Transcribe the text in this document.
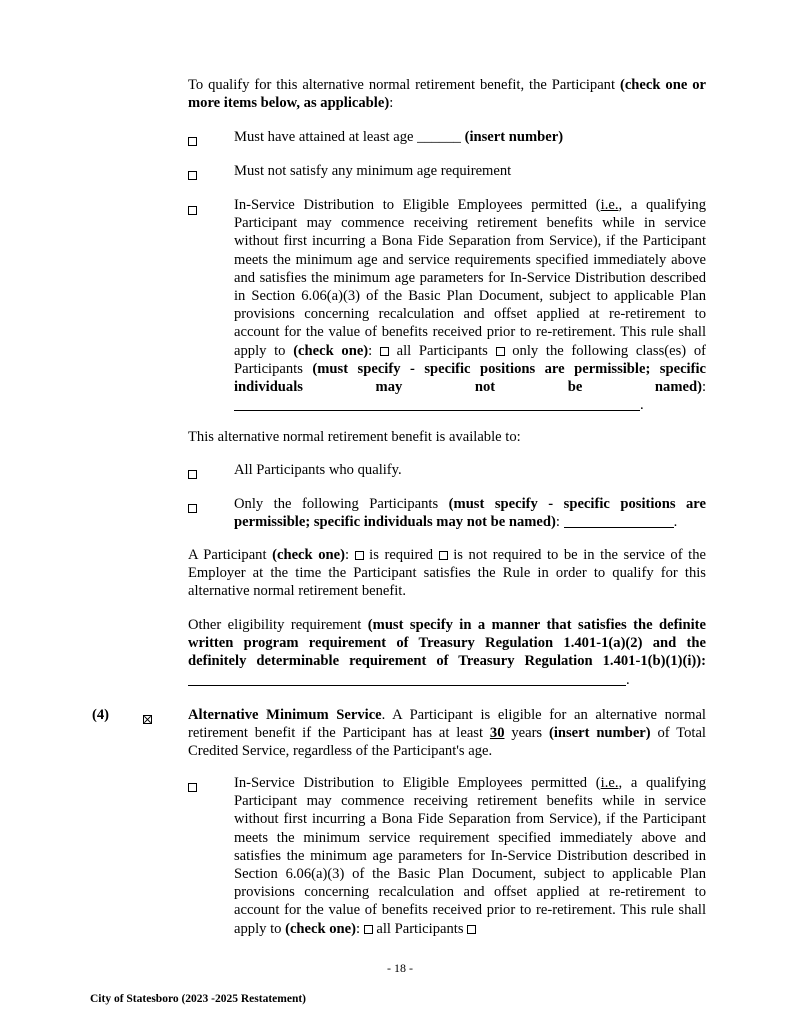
To qualify for this alternative normal retirement benefit, the Participant (check one or more items below, as applicable):
Must have attained at least age ______ (insert number)
Must not satisfy any minimum age requirement
In-Service Distribution to Eligible Employees permitted (i.e., a qualifying Participant may commence receiving retirement benefits while in service without first incurring a Bona Fide Separation from Service), if the Participant meets the minimum age and service requirements specified immediately above and satisfies the minimum age parameters for In-Service Distribution described in Section 6.06(a)(3) of the Basic Plan Document, subject to applicable Plan provisions concerning recalculation and offset applied at re-retirement to account for the value of benefits received prior to re-retirement. This rule shall apply to (check one):  all Participants  only the following class(es) of Participants (must specify - specific positions are permissible; specific individuals may not be named): .
This alternative normal retirement benefit is available to:
All Participants who qualify.
Only the following Participants (must specify - specific positions are permissible; specific individuals may not be named):	.
A Participant (check one):  is required  is not required to be in the service of the Employer at the time the Participant satisfies the Rule in order to qualify for this alternative normal retirement benefit.
Other eligibility requirement (must specify in a manner that satisfies the definite written program requirement of Treasury Regulation 1.401-1(a)(2) and the definitely determinable requirement of Treasury Regulation 1.401-1(b)(1)(i)): .
(4)	Alternative Minimum Service. A Participant is eligible for an alternative normal retirement benefit if the Participant has at least 30 years (insert number) of Total Credited Service, regardless of the Participant's age.
In-Service Distribution to Eligible Employees permitted (i.e., a qualifying Participant may commence receiving retirement benefits while in service without first incurring a Bona Fide Separation from Service), if the Participant meets the minimum service requirement specified immediately above and satisfies the minimum age parameters for In-Service Distribution described in Section 6.06(a)(3) of the Basic Plan Document, subject to applicable Plan provisions concerning recalculation and offset applied at re-retirement to account for the value of benefits received prior to re-retirement. This rule shall apply to (check one):  all Participants
- 18 -
City of Statesboro (2023 -2025 Restatement)
